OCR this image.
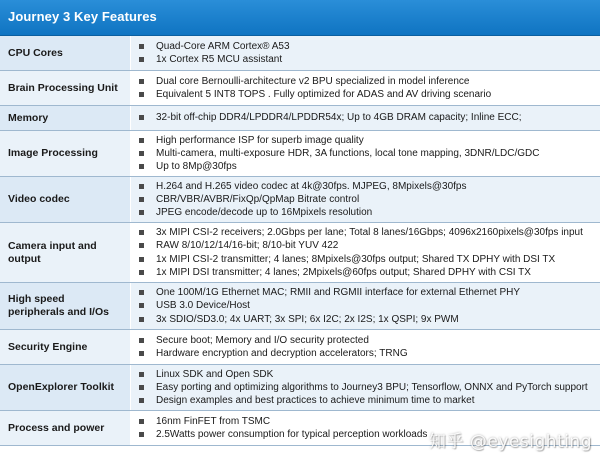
Journey 3 Key Features
CPU Cores
Quad-Core ARM Cortex® A53
1x Cortex R5 MCU assistant
Brain Processing Unit
Dual core Bernoulli-architecture v2 BPU specialized in model inference
Equivalent 5 INT8 TOPS . Fully optimized for ADAS and AV driving scenario
Memory	32-bit off-chip DDR4/LPDDR4/LPDDR54x; Up to 4GB DRAM capacity; Inline ECC;
Image Processing
High performance ISP for superb image quality
Multi-camera, multi-exposure HDR, 3A functions, local tone mapping, 3DNR/LDC/GDC
Up to 8Mp@30fps
Video codec
H.264 and H.265 video codec at 4k@30fps. MJPEG, 8Mpixels@30fps
CBR/VBR/AVBR/FixQp/QpMap Bitrate control
JPEG encode/decode up to 16Mpixels resolution
Camera input and output
3x MIPI CSI-2 receivers; 2.0Gbps per lane; Total 8 lanes/16Gbps; 4096x2160pixels@30fps input
RAW 8/10/12/14/16-bit; 8/10-bit YUV 422
1x MIPI CSI-2 transmitter; 4 lanes; 8Mpixels@30fps output; Shared TX DPHY with DSI TX
1x MIPI DSI transmitter; 4 lanes; 2Mpixels@60fps output; Shared DPHY with CSI TX
High speed peripherals and I/Os
One 100M/1G Ethernet MAC; RMII and RGMII interface for external Ethernet PHY
USB 3.0 Device/Host
3x SDIO/SD3.0; 4x UART; 3x SPI; 6x I2C; 2x I2S; 1x QSPI; 9x PWM
Security Engine
Secure boot; Memory and I/O security protected
Hardware encryption and decryption accelerators; TRNG
OpenExplorer Toolkit
Linux SDK and Open SDK
Easy porting and optimizing algorithms to Journey3 BPU; Tensorflow, ONNX and PyTorch support
Design examples and best practices to achieve minimum time to market
Process and power
16nm FinFET from TSMC
2.5Watts power consumption for typical perception workloads 知乎 @eyesighting
